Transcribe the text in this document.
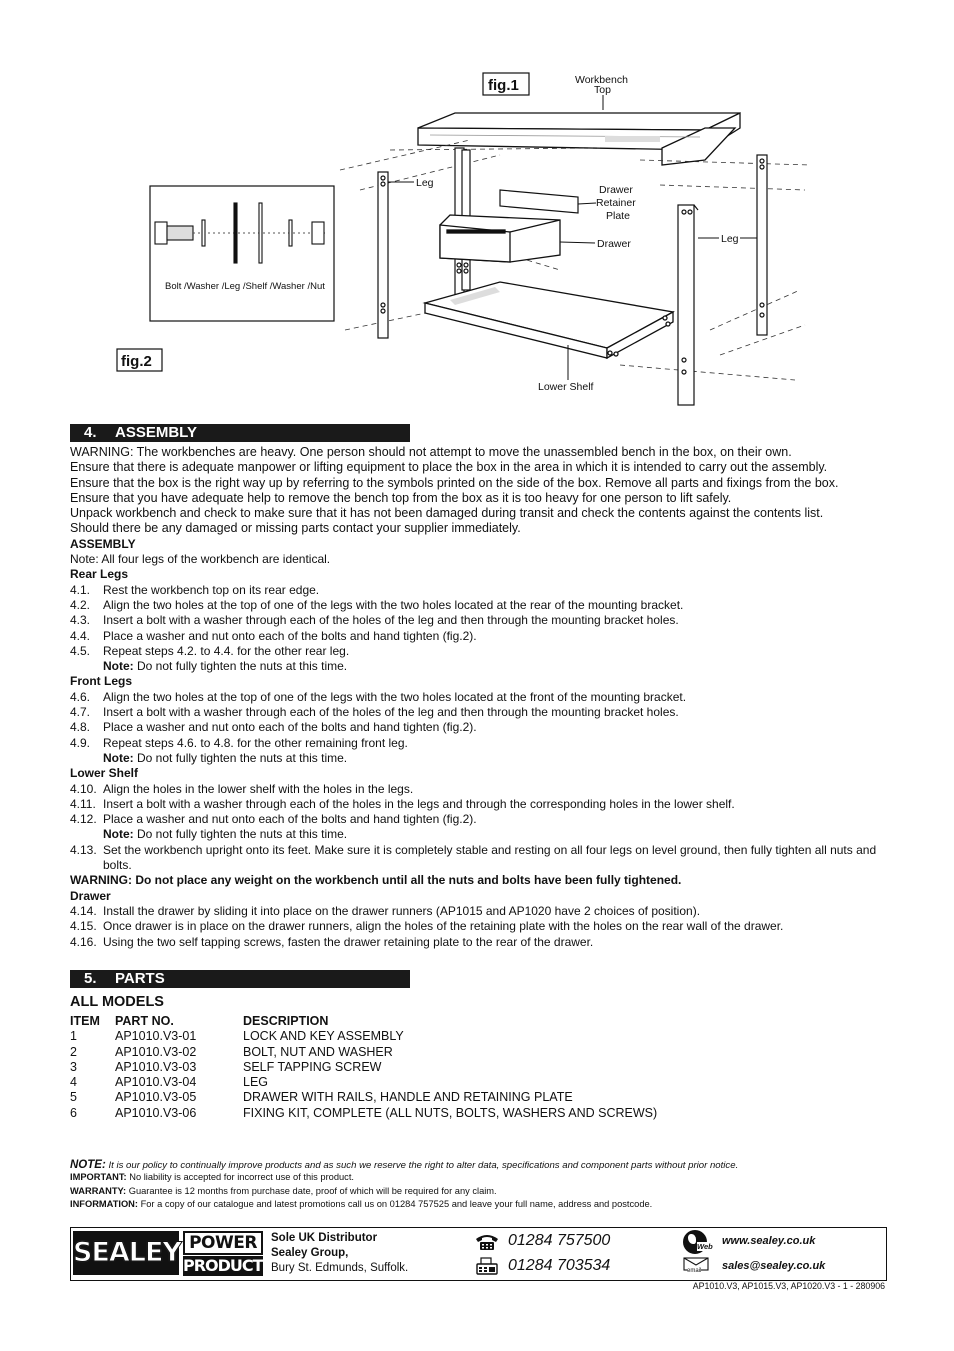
fig.1	Workbench
Top
Leg
Drawer
Retainer
Plate
Drawer	Leg
Lower Shelf
Bolt /Washer /Leg /Shelf /Washer /Nut
fig.2
4. ASSEMBLY
WARNING: The workbenches are heavy. One person should not attempt to move the unassembled bench in the box, on their own.
Ensure that there is adequate manpower or lifting equipment to place the box in the area in which it is intended to carry out the assembly.
Ensure that the box is the right way up by referring to the symbols printed on the side of the box. Remove all parts and fixings from the box.
Ensure that you have adequate help to remove the bench top from the box as it is too heavy for one person to lift safely.
Unpack workbench and check to make sure that it has not been damaged during transit and check the contents against the contents list.
Should there be any damaged or missing parts contact your supplier immediately.
ASSEMBLY
Note: All four legs of the workbench are identical.
Rear Legs
4.1. Rest the workbench top on its rear edge.
4.2. Align the two holes at the top of one of the legs with the two holes located at the rear of the mounting bracket.
4.3. Insert a bolt with a washer through each of the holes of the leg and then through the mounting bracket holes.
4.4. Place a washer and nut onto each of the bolts and hand tighten (fig.2).
4.5. Repeat steps 4.2. to 4.4. for the other rear leg.
Note: Do not fully tighten the nuts at this time.
Front Legs
4.6. Align the two holes at the top of one of the legs with the two holes located at the front of the mounting bracket.
4.7. Insert a bolt with a washer through each of the holes of the leg and then through the mounting bracket holes.
4.8. Place a washer and nut onto each of the bolts and hand tighten (fig.2).
4.9. Repeat steps 4.6. to 4.8. for the other remaining front leg.
Note: Do not fully tighten the nuts at this time.
Lower Shelf
4.10. Align the holes in the lower shelf with the holes in the legs.
4.11. Insert a bolt with a washer through each of the holes in the legs and through the corresponding holes in the lower shelf.
4.12. Place a washer and nut onto each of the bolts and hand tighten (fig.2).
Note: Do not fully tighten the nuts at this time.
4.13. Set the workbench upright onto its feet. Make sure it is completely stable and resting on all four legs on level ground, then fully tighten all nuts and
bolts.
WARNING: Do not place any weight on the workbench until all the nuts and bolts have been fully tightened.
Drawer
4.14. Install the drawer by sliding it into place on the drawer runners (AP1015 and AP1020 have 2 choices of position).
4.15. Once drawer is in place on the drawer runners, align the holes of the retaining plate with the holes on the rear wall of the drawer.
4.16. Using the two self tapping screws, fasten the drawer retaining plate to the rear of the drawer.
5. PARTS
ALL MODELS
ITEM	PART NO.	DESCRIPTION
1	AP1010.V3-01	LOCK AND KEY ASSEMBLY
2	AP1010.V3-02	BOLT, NUT AND WASHER
3	AP1010.V3-03	SELF TAPPING SCREW
4	AP1010.V3-04	LEG
5	AP1010.V3-05	DRAWER WITH RAILS, HANDLE AND RETAINING PLATE
6	AP1010.V3-06	FIXING KIT, COMPLETE (ALL NUTS, BOLTS, WASHERS AND SCREWS)
NOTE: It is our policy to continually improve products and as such we reserve the right to alter data, specifications and component parts without prior notice.
IMPORTANT: No liability is accepted for incorrect use of this product.
WARRANTY: Guarantee is 12 months from purchase date, proof of which will be required for any claim.
INFORMATION: For a copy of our catalogue and latest promotions call us on 01284 757525 and leave your full name, address and postcode.
SEALEY POWER
PRODUCTS
Sole UK Distributor
Sealey Group,
Bury St. Edmunds, Suffolk.
01284 757500
01284 703534
Web www.sealey.co.uk
email sales@sealey.co.uk
AP1010.V3, AP1015.V3, AP1020.V3 - 1 - 280906
